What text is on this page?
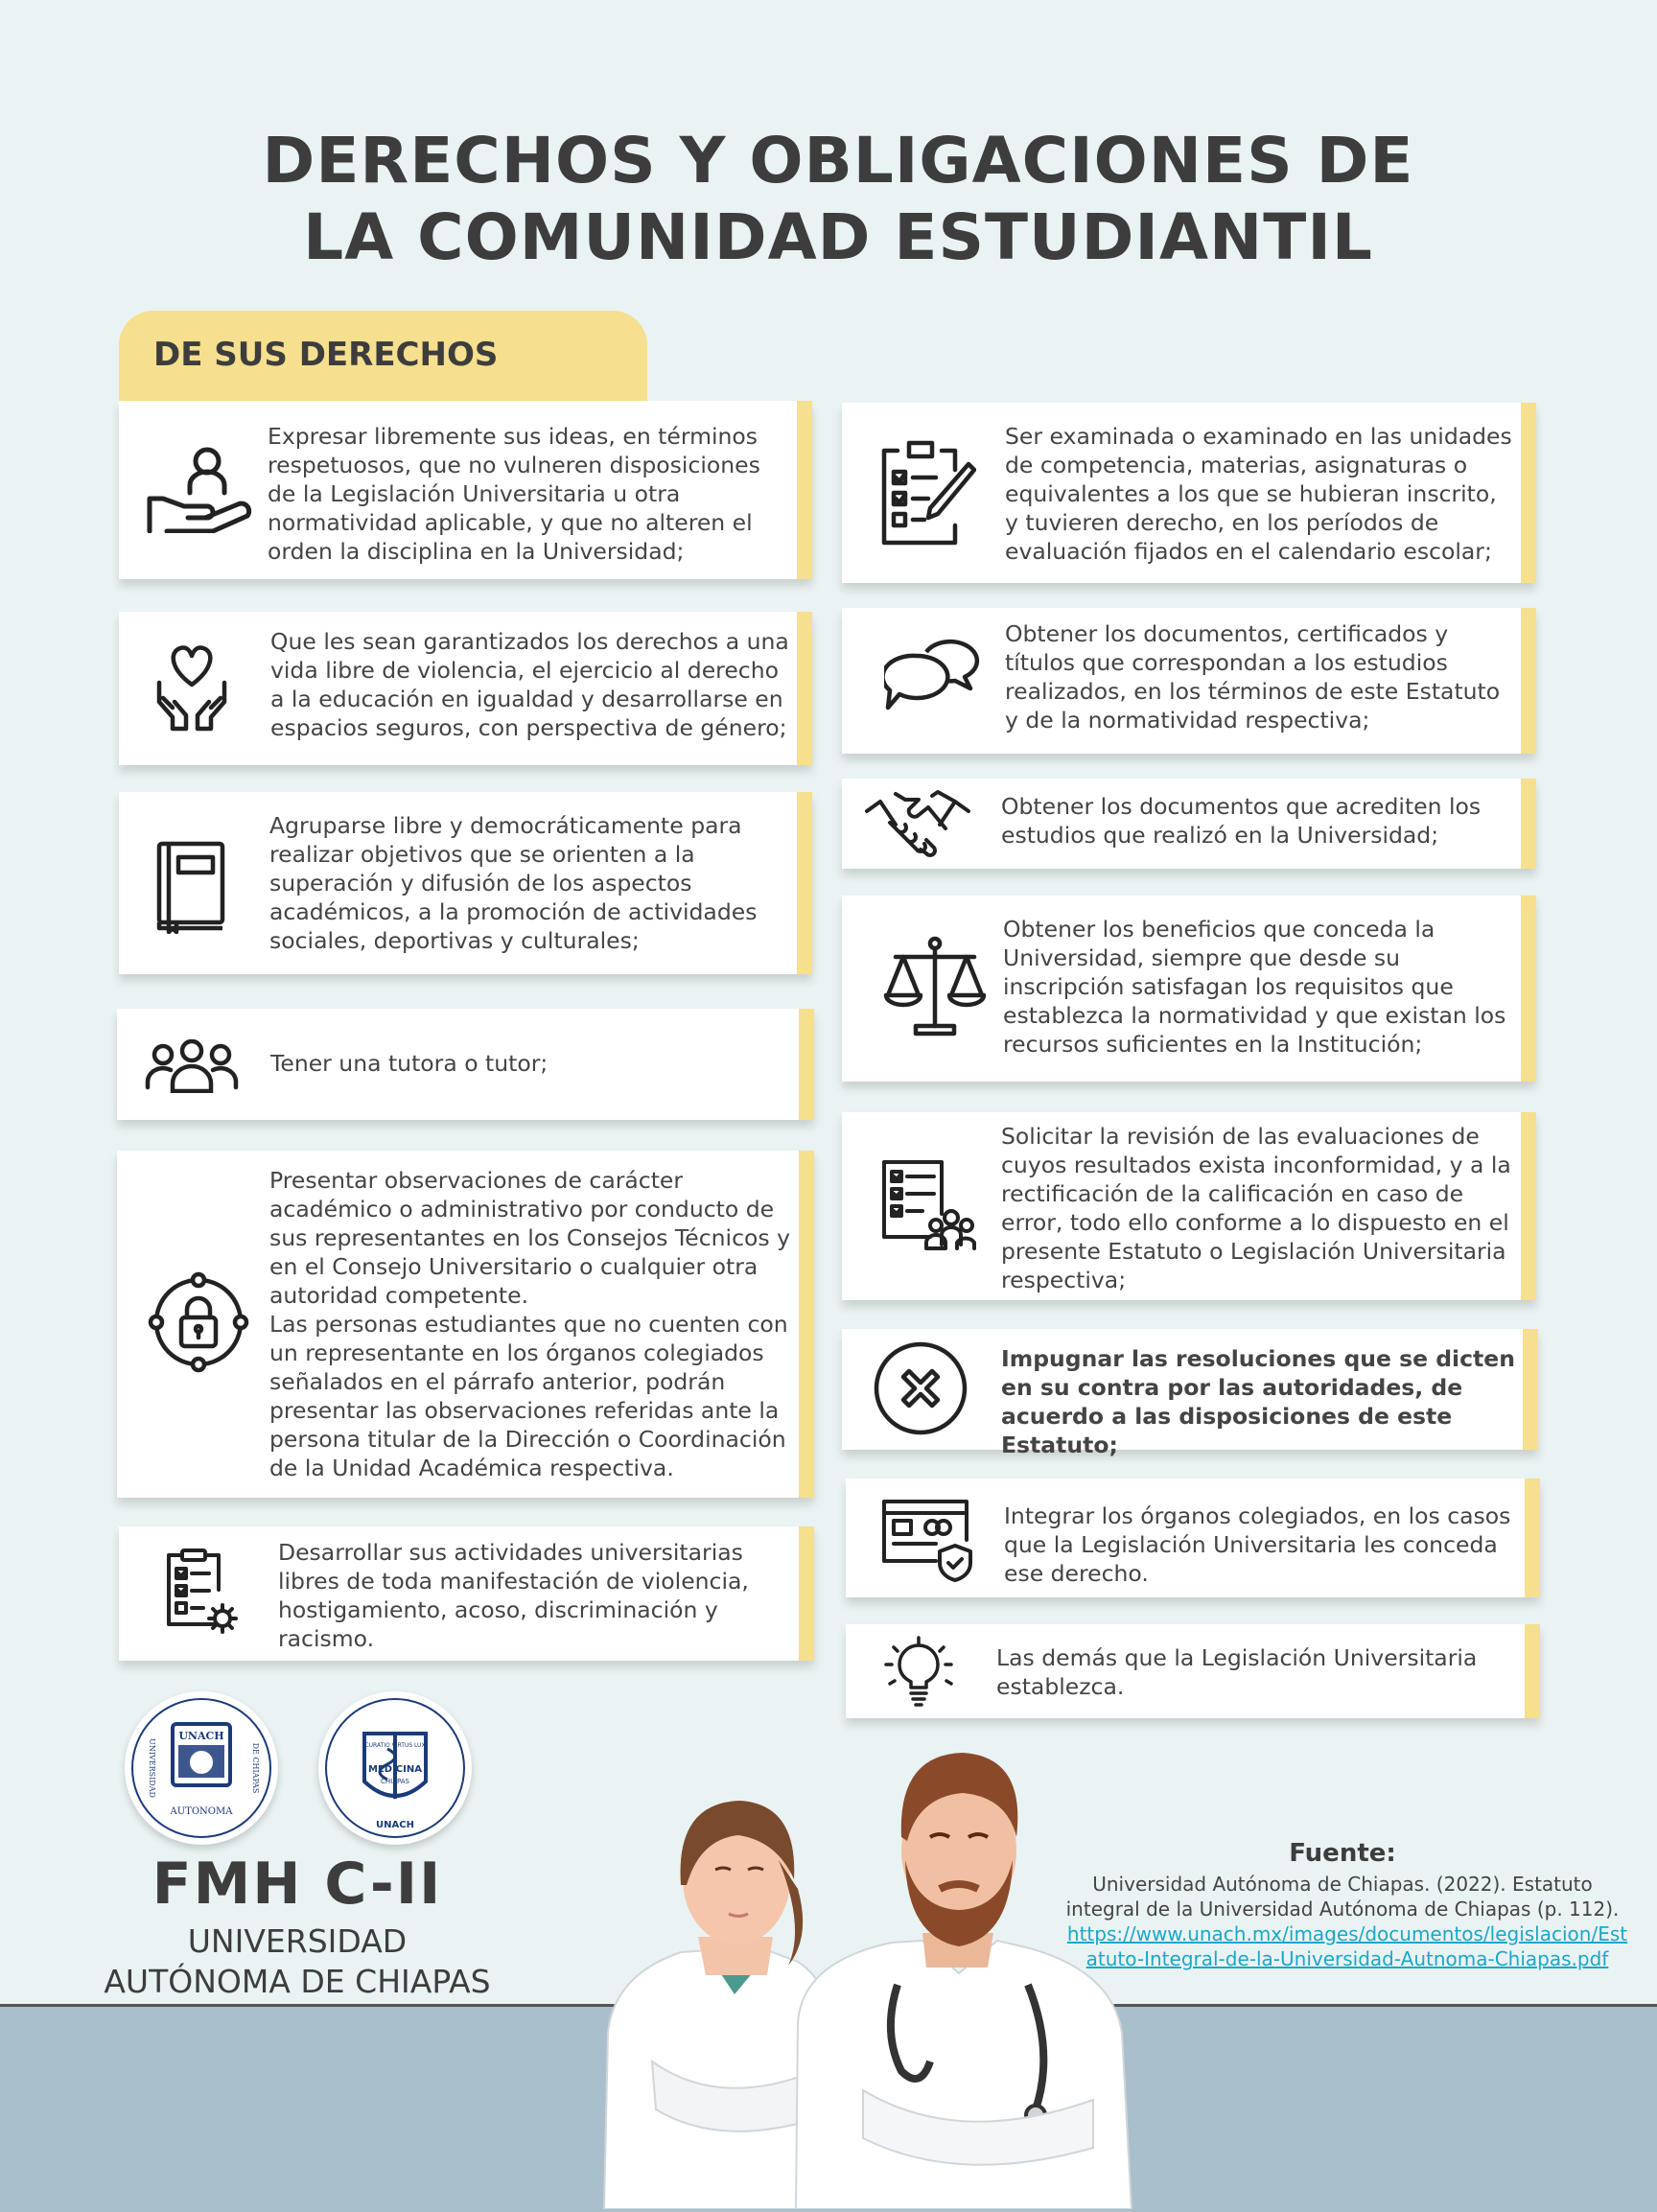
DERECHOS Y OBLIGACIONES DE
LA COMUNIDAD ESTUDIANTIL
DE SUS DERECHOS
Expresar libremente sus ideas, en términos respetuosos, que no vulneren disposiciones de la Legislación Universitaria u otra normatividad aplicable, y que no alteren el orden la disciplina en la Universidad;
Que les sean garantizados los derechos a una vida libre de violencia, el ejercicio al derecho a la educación en igualdad y desarrollarse en espacios seguros, con perspectiva de género;
Agruparse libre y democráticamente para realizar objetivos que se orienten a la superación y difusión de los aspectos académicos, a la promoción de actividades sociales, deportivas y culturales;
Tener una tutora o tutor;
Presentar observaciones de carácter académico o administrativo por conducto de sus representantes en los Consejos Técnicos y en el Consejo Universitario o cualquier otra autoridad competente.
Las personas estudiantes que no cuenten con un representante en los órganos colegiados señalados en el párrafo anterior, podrán presentar las observaciones referidas ante la persona titular de la Dirección o Coordinación de la Unidad Académica respectiva.
Desarrollar sus actividades universitarias libres de toda manifestación de violencia, hostigamiento, acoso, discriminación y racismo.
Ser examinada o examinado en las unidades de competencia, materias, asignaturas o equivalentes a los que se hubieran inscrito, y tuvieren derecho, en los períodos de evaluación fijados en el calendario escolar;
Obtener los documentos, certificados y títulos que correspondan a los estudios realizados, en los términos de este Estatuto y de la normatividad respectiva;
Obtener los documentos que acrediten los estudios que realizó en la Universidad;
Obtener los beneficios que conceda la Universidad, siempre que desde su inscripción satisfagan los requisitos que establezca la normatividad y que existan los recursos suficientes en la Institución;
Solicitar la revisión de las evaluaciones de cuyos resultados exista inconformidad, y a la rectificación de la calificación en caso de error, todo ello conforme a lo dispuesto en el presente Estatuto o Legislación Universitaria respectiva;
Impugnar las resoluciones que se dicten en su contra por las autoridades, de acuerdo a las disposiciones de este Estatuto;
Integrar los órganos colegiados, en los casos que la Legislación Universitaria les conceda ese derecho.
Las demás que la Legislación Universitaria establezca.
UNACH
AUTONOMA
UNIVERSIDAD	DE CHIAPAS	CURATIO VIRTUS LUX
MEDICINA
CHIAPAS
UNACH
FMH C-II
UNIVERSIDAD
AUTÓNOMA DE CHIAPAS
Fuente:
Universidad Autónoma de Chiapas. (2022). Estatuto integral de la Universidad Autónoma de Chiapas (p. 112).
https://www.unach.mx/images/documentos/legislacion/Estatuto-Integral-de-la-Universidad-Autnoma-Chiapas.pdf
